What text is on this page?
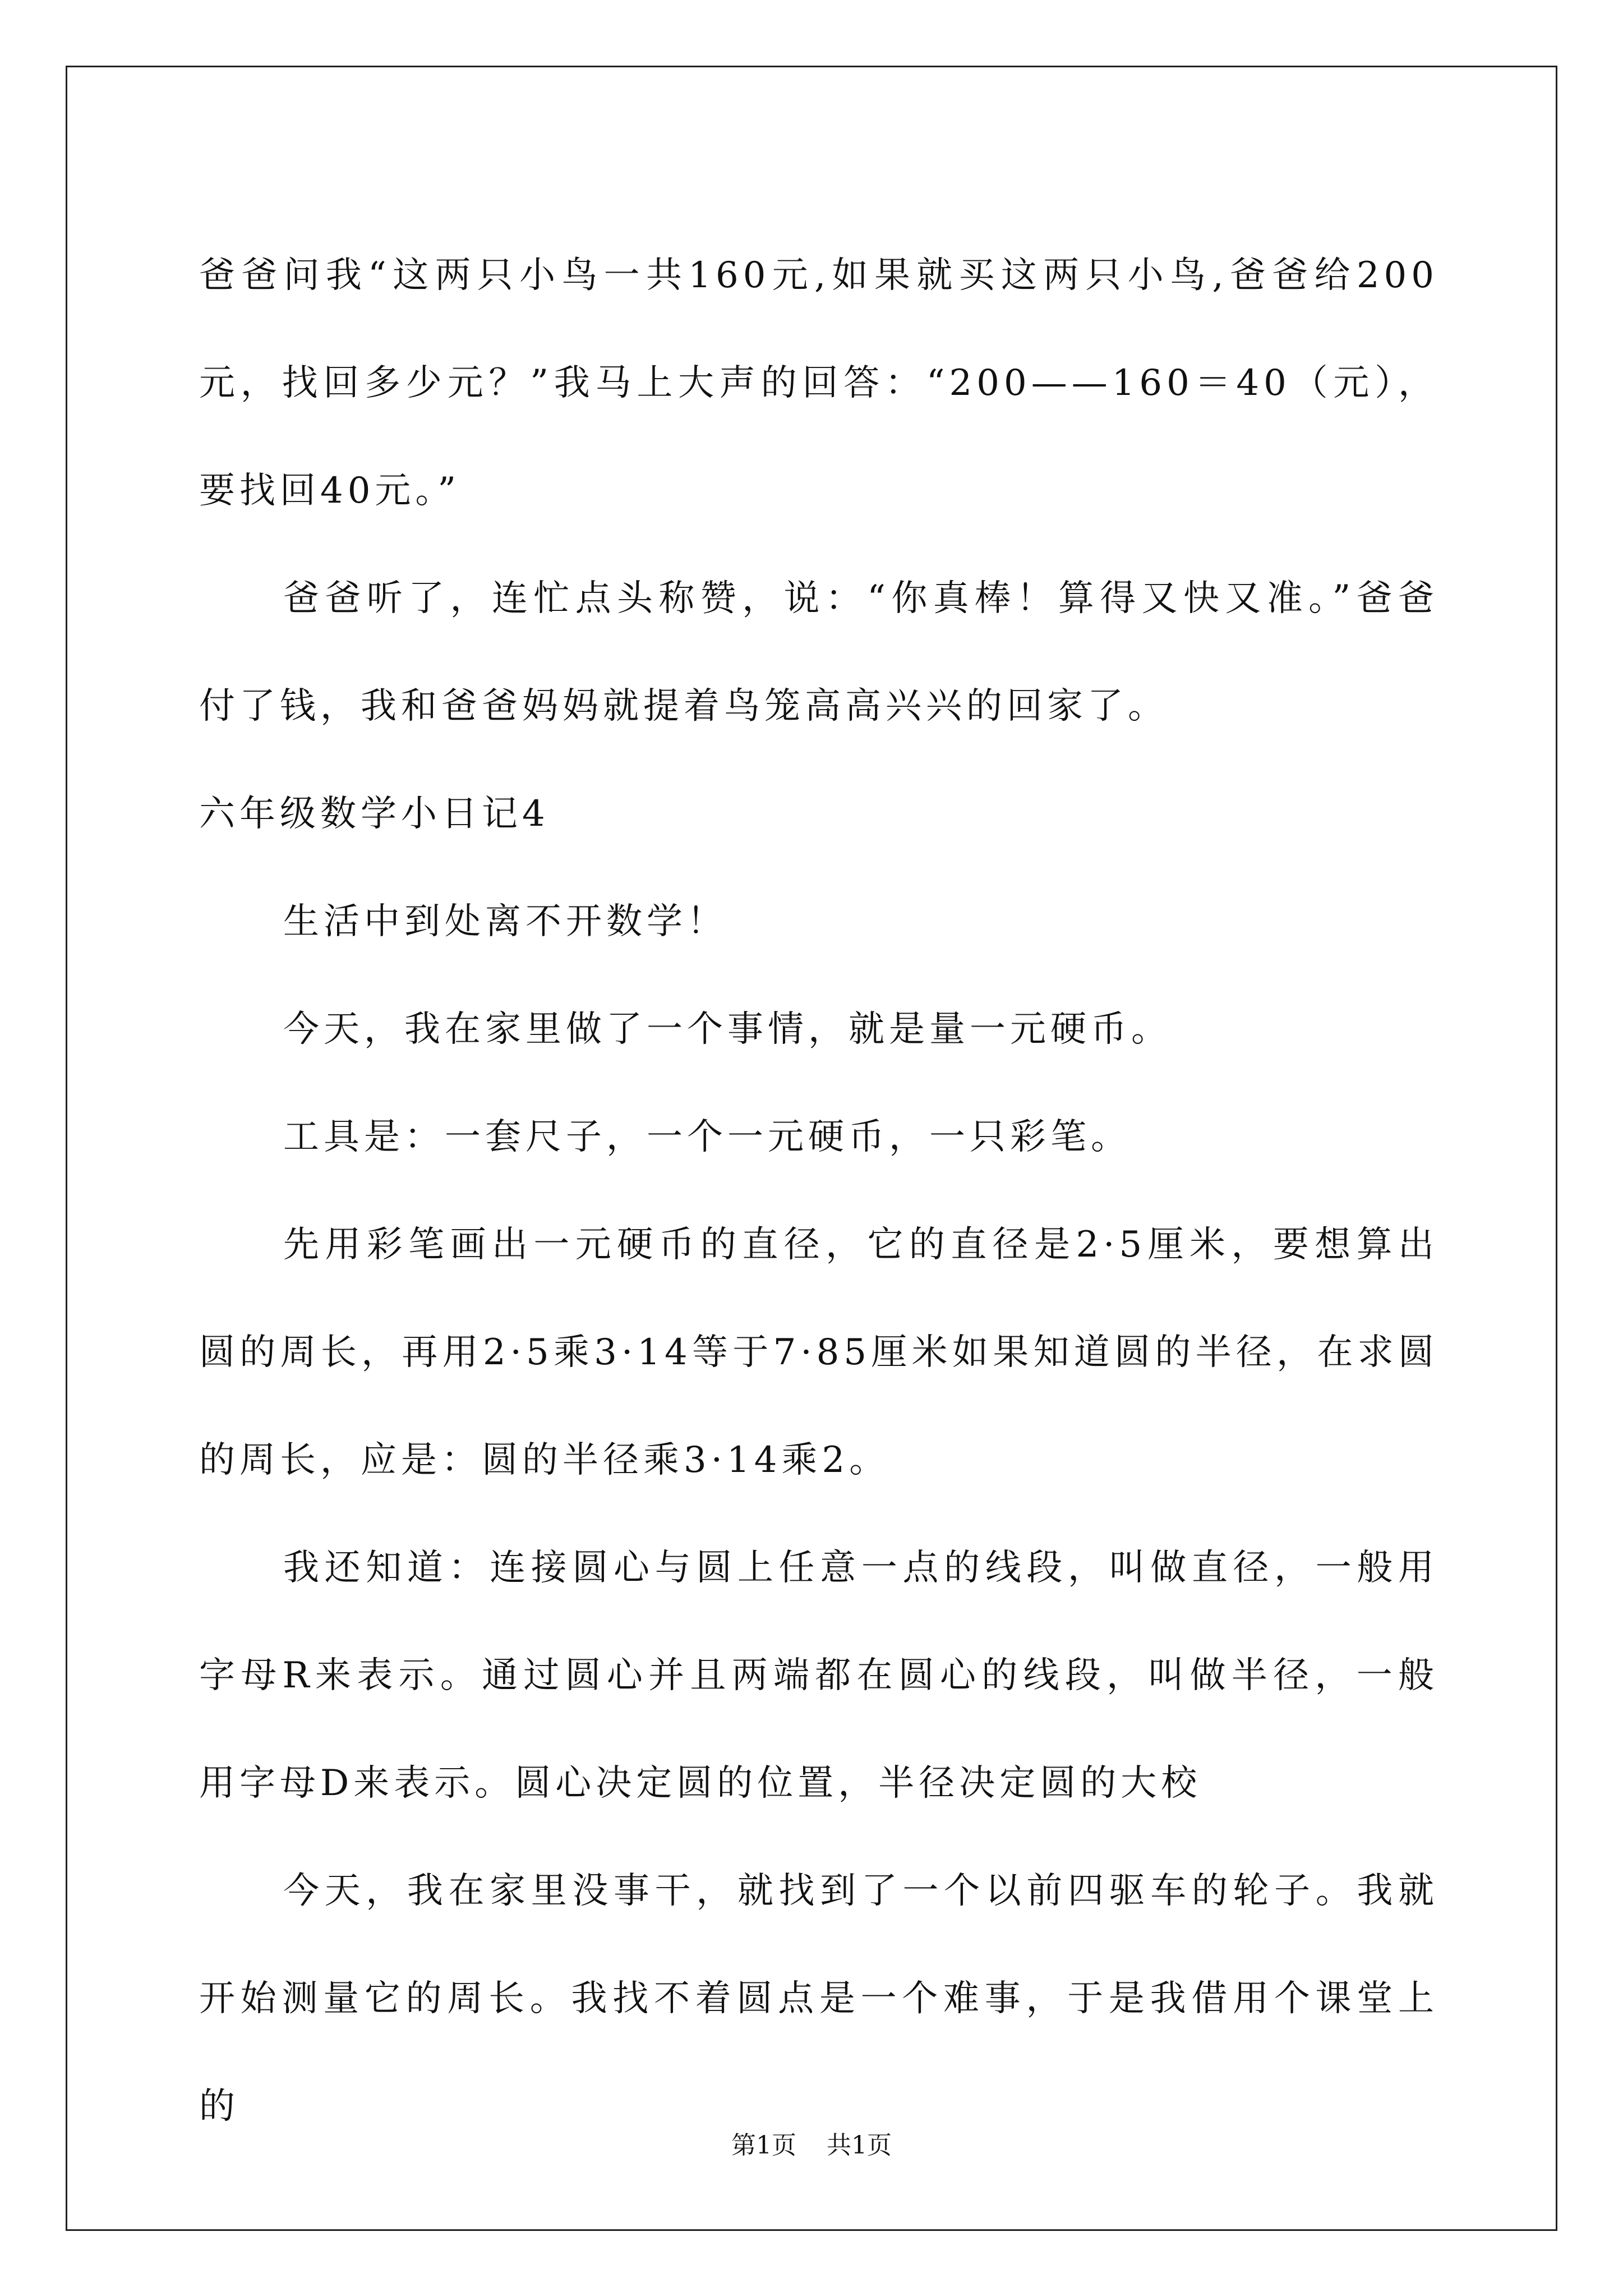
爸爸问我“这两只小鸟一共160元,如果就买这两只小鸟,爸爸给200元，找回多少元？”我马上大声的回答：“200——160＝40（元），要找回40元。”

爸爸听了，连忙点头称赞，说：“你真棒！算得又快又准。”爸爸付了钱，我和爸爸妈妈就提着鸟笼高高兴兴的回家了。

六年级数学小日记4

生活中到处离不开数学！

今天，我在家里做了一个事情，就是量一元硬币。

工具是：一套尺子，一个一元硬币，一只彩笔。

先用彩笔画出一元硬币的直径，它的直径是2·5厘米，要想算出圆的周长，再用2·5乘3·14等于7·85厘米如果知道圆的半径，在求圆的周长，应是：圆的半径乘3·14乘2。

我还知道：连接圆心与圆上任意一点的线段，叫做直径，一般用字母R来表示。通过圆心并且两端都在圆心的线段，叫做半径，一般用字母D来表示。圆心决定圆的位置，半径决定圆的大校

今天，我在家里没事干，就找到了一个以前四驱车的轮子。我就开始测量它的周长。我找不着圆点是一个难事，于是我借用个课堂上的

第1页 共1页
